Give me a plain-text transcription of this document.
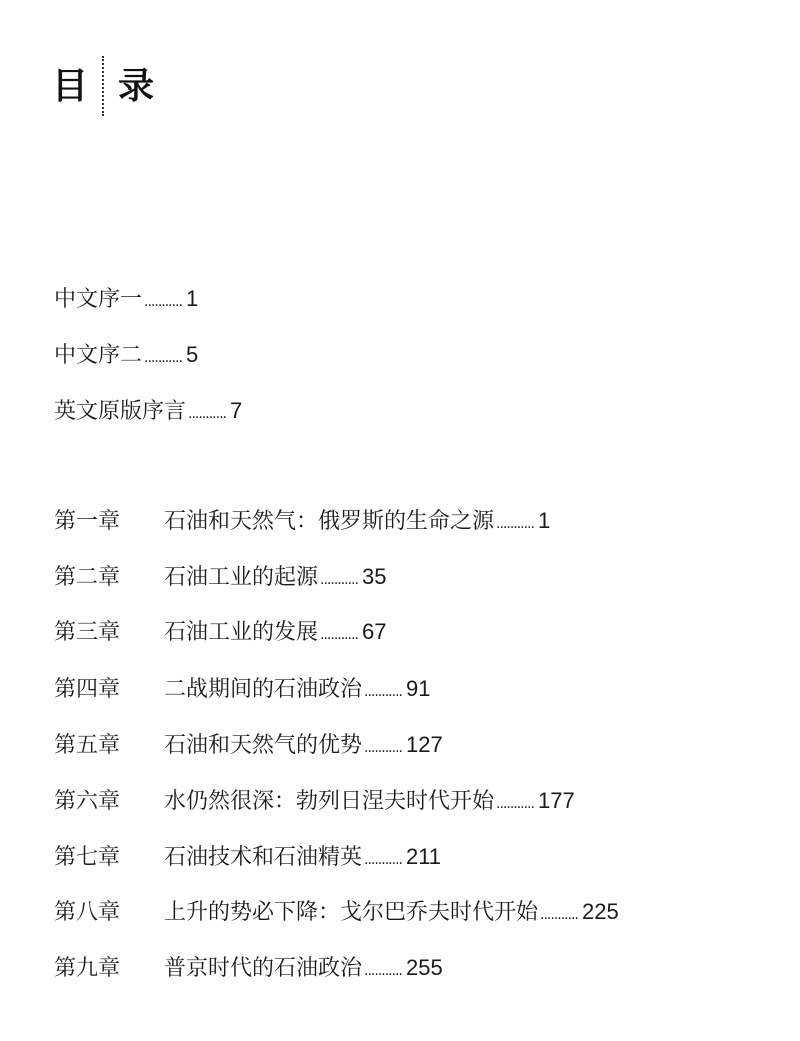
目 录
中文序一 ........... 1
中文序二 ........... 5
英文原版序言 ........... 7
第一章	石油和天然气：俄罗斯的生命之源 ........... 1
第二章	石油工业的起源 ........... 35
第三章	石油工业的发展 ........... 67
第四章	二战期间的石油政治 ........... 91
第五章	石油和天然气的优势 ........... 127
第六章	水仍然很深：勃列日涅夫时代开始 ........... 177
第七章	石油技术和石油精英 ........... 211
第八章	上升的势必下降：戈尔巴乔夫时代开始 ........... 225
第九章	普京时代的石油政治 ........... 255
